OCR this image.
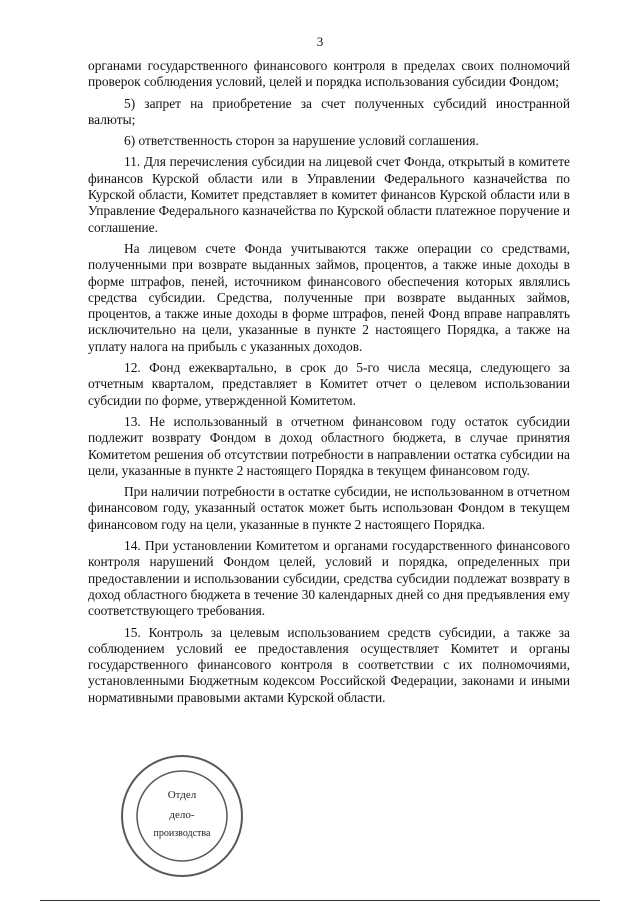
3

органами государственного финансового контроля в пределах своих полномочий проверок соблюдения условий, целей и порядка использования субсидии Фондом;

5) запрет на приобретение за счет полученных субсидий иностранной валюты;

6) ответственность сторон за нарушение условий соглашения.

11. Для перечисления субсидии на лицевой счет Фонда, открытый в комитете финансов Курской области или в Управлении Федерального казначейства по Курской области, Комитет представляет в комитет финансов Курской области или в Управление Федерального казначейства по Курской области платежное поручение и соглашение.

На лицевом счете Фонда учитываются также операции со средствами, полученными при возврате выданных займов, процентов, а также иные доходы в форме штрафов, пеней, источником финансового обеспечения которых являлись средства субсидии. Средства, полученные при возврате выданных займов, процентов, а также иные доходы в форме штрафов, пеней Фонд вправе направлять исключительно на цели, указанные в пункте 2 настоящего Порядка, а также на уплату налога на прибыль с указанных доходов.

12. Фонд ежеквартально, в срок до 5-го числа месяца, следующего за отчетным кварталом, представляет в Комитет отчет о целевом использовании субсидии по форме, утвержденной Комитетом.

13. Не использованный в отчетном финансовом году остаток субсидии подлежит возврату Фондом в доход областного бюджета, в случае принятия Комитетом решения об отсутствии потребности в направлении остатка субсидии на цели, указанные в пункте 2 настоящего Порядка в текущем финансовом году.

При наличии потребности в остатке субсидии, не использованном в отчетном финансовом году, указанный остаток может быть использован Фондом в текущем финансовом году на цели, указанные в пункте 2 настоящего Порядка.

14. При установлении Комитетом и органами государственного финансового контроля нарушений Фондом целей, условий и порядка, определенных при предоставлении и использовании субсидии, средства субсидии подлежат возврату в доход областного бюджета в течение 30 календарных дней со дня предъявления ему соответствующего требования.

15. Контроль за целевым использованием средств субсидии, а также за соблюдением условий ее предоставления осуществляет Комитет и органы государственного финансового контроля в соответствии с их полномочиями, установленными Бюджетным кодексом Российской Федерации, законами и иными нормативными правовыми актами Курской области.

Отдел
дело-
производства
